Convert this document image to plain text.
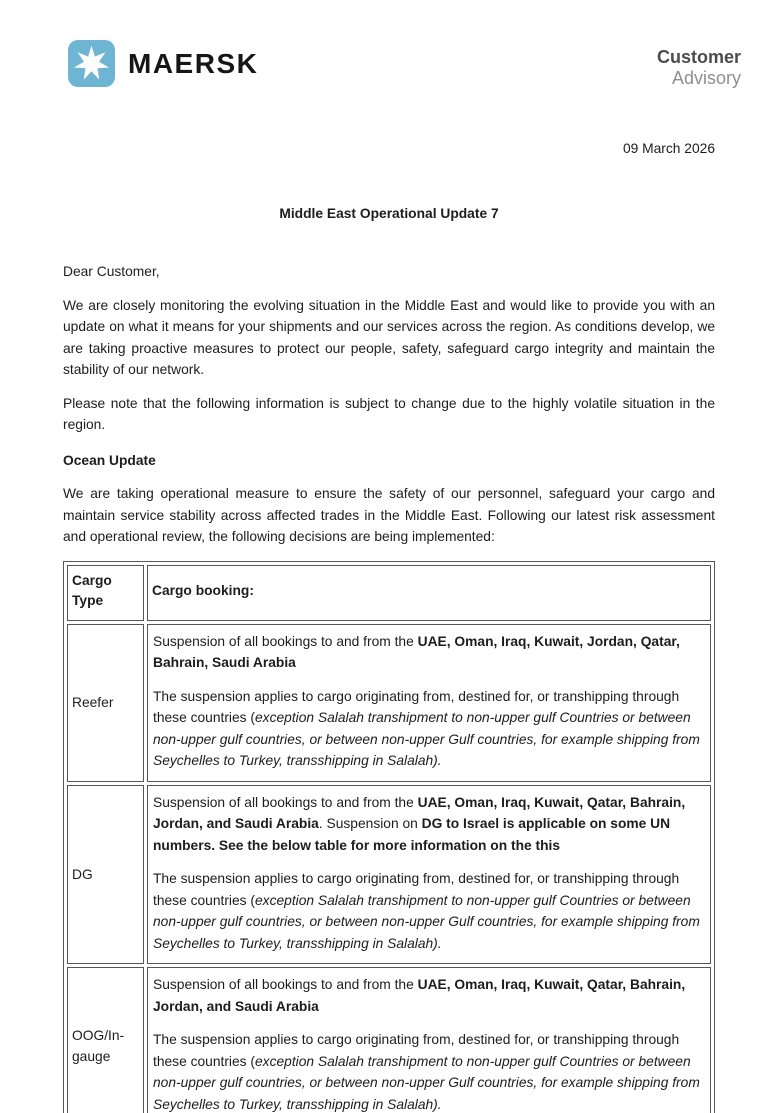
MAERSK	Customer
Advisory
09 March 2026
Middle East Operational Update 7

Dear Customer,

We are closely monitoring the evolving situation in the Middle East and would like to provide you with an update on what it means for your shipments and our services across the region. As conditions develop, we are taking proactive measures to protect our people, safety, safeguard cargo integrity and maintain the stability of our network.

Please note that the following information is subject to change due to the highly volatile situation in the region.

Ocean Update

We are taking operational measure to ensure the safety of our personnel, safeguard your cargo and maintain service stability across affected trades in the Middle East. Following our latest risk assessment and operational review, the following decisions are being implemented:

Cargo Type	Cargo booking:
Reefer	Suspension of all bookings to and from the UAE, Oman, Iraq, Kuwait, Jordan, Qatar, Bahrain, Saudi Arabia
The suspension applies to cargo originating from, destined for, or transhipping through these countries (exception Salalah transhipment to non-upper gulf Countries or between non-upper gulf countries, or between non-upper Gulf countries, for example shipping from Seychelles to Turkey, transshipping in Salalah).

DG	Suspension of all bookings to and from the UAE, Oman, Iraq, Kuwait, Qatar, Bahrain, Jordan, and Saudi Arabia. Suspension on DG to Israel is applicable on some UN numbers. See the below table for more information on the this
The suspension applies to cargo originating from, destined for, or transhipping through these countries (exception Salalah transhipment to non-upper gulf Countries or between non-upper gulf countries, or between non-upper Gulf countries, for example shipping from Seychelles to Turkey, transshipping in Salalah).

OOG/In-gauge	Suspension of all bookings to and from the UAE, Oman, Iraq, Kuwait, Qatar, Bahrain, Jordan, and Saudi Arabia
The suspension applies to cargo originating from, destined for, or transhipping through these countries (exception Salalah transhipment to non-upper gulf Countries or between non-upper gulf countries, or between non-upper Gulf countries, for example shipping from Seychelles to Turkey, transshipping in Salalah).
